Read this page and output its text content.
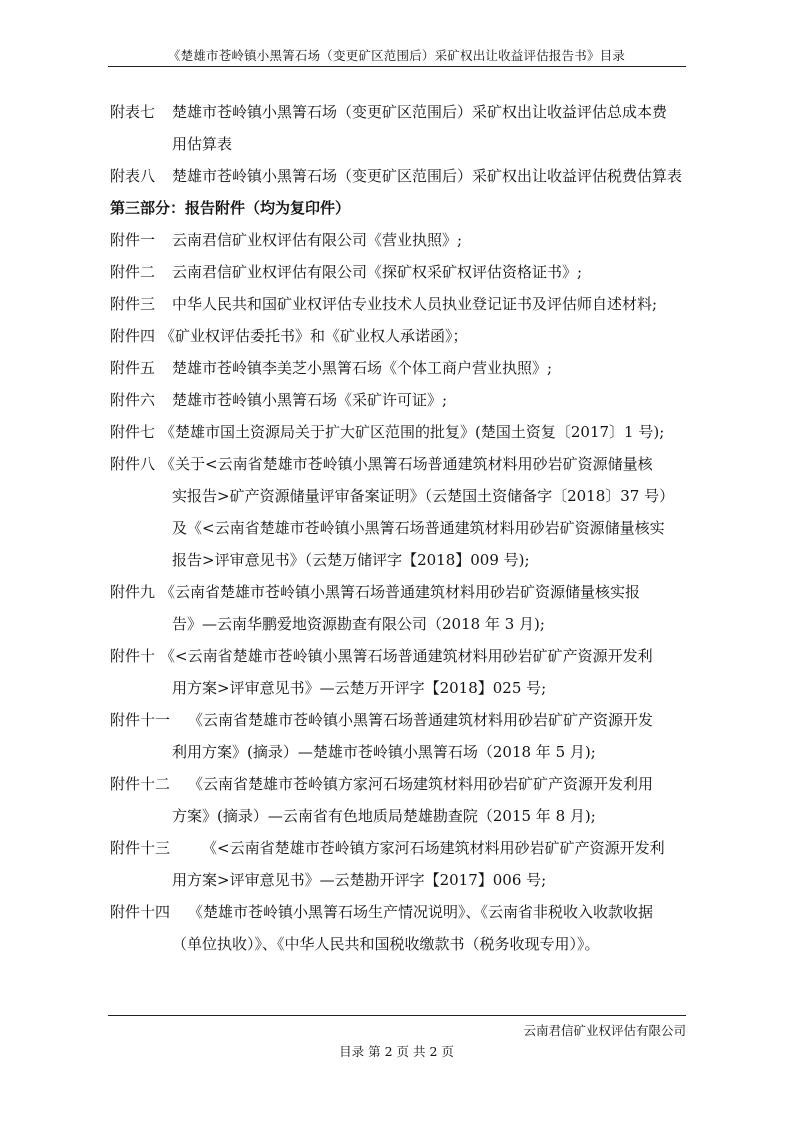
《楚雄市苍岭镇小黑箐石场（变更矿区范围后）采矿权出让收益评估报告书》目录
附表七	楚雄市苍岭镇小黑箐石场（变更矿区范围后）采矿权出让收益评估总成本费
用估算表
附表八	楚雄市苍岭镇小黑箐石场（变更矿区范围后）采矿权出让收益评估税费估算表
第三部分：报告附件（均为复印件）
附件一	云南君信矿业权评估有限公司《营业执照》;
附件二	云南君信矿业权评估有限公司《探矿权采矿权评估资格证书》;
附件三	中华人民共和国矿业权评估专业技术人员执业登记证书及评估师自述材料;
附件四 《矿业权评估委托书》和《矿业权人承诺函》；
附件五	楚雄市苍岭镇李美芝小黑箐石场《个体工商户营业执照》;
附件六	楚雄市苍岭镇小黑箐石场《采矿许可证》;
附件七 《楚雄市国土资源局关于扩大矿区范围的批复》(楚国土资复〔2017〕1 号);
附件八 《关于<云南省楚雄市苍岭镇小黑箐石场普通建筑材料用砂岩矿资源储量核
实报告>矿产资源储量评审备案证明》（云楚国土资储备字〔2018〕37 号）
及《<云南省楚雄市苍岭镇小黑箐石场普通建筑材料用砂岩矿资源储量核实
报告>评审意见书》（云楚万储评字【2018】009 号);
附件九 《云南省楚雄市苍岭镇小黑箐石场普通建筑材料用砂岩矿资源储量核实报
告》—云南华鹏爱地资源勘查有限公司（2018 年 3 月);
附件十 《<云南省楚雄市苍岭镇小黑箐石场普通建筑材料用砂岩矿矿产资源开发利
用方案>评审意见书》—云楚万开评字【2018】025 号;
附件十一	《云南省楚雄市苍岭镇小黑箐石场普通建筑材料用砂岩矿矿产资源开发
利用方案》(摘录）—楚雄市苍岭镇小黑箐石场（2018 年 5 月);
附件十二	《云南省楚雄市苍岭镇方家河石场建筑材料用砂岩矿矿产资源开发利用
方案》(摘录）—云南省有色地质局楚雄勘查院（2015 年 8 月);
附件十三	《<云南省楚雄市苍岭镇方家河石场建筑材料用砂岩矿矿产资源开发利
用方案>评审意见书》—云楚勘开评字【2017】006 号;
附件十四	《楚雄市苍岭镇小黑箐石场生产情况说明》、《云南省非税收入收款收据
（单位执收）》、《中华人民共和国税收缴款书（税务收现专用）》。
云南君信矿业权评估有限公司
目录 第 2 页 共 2 页
